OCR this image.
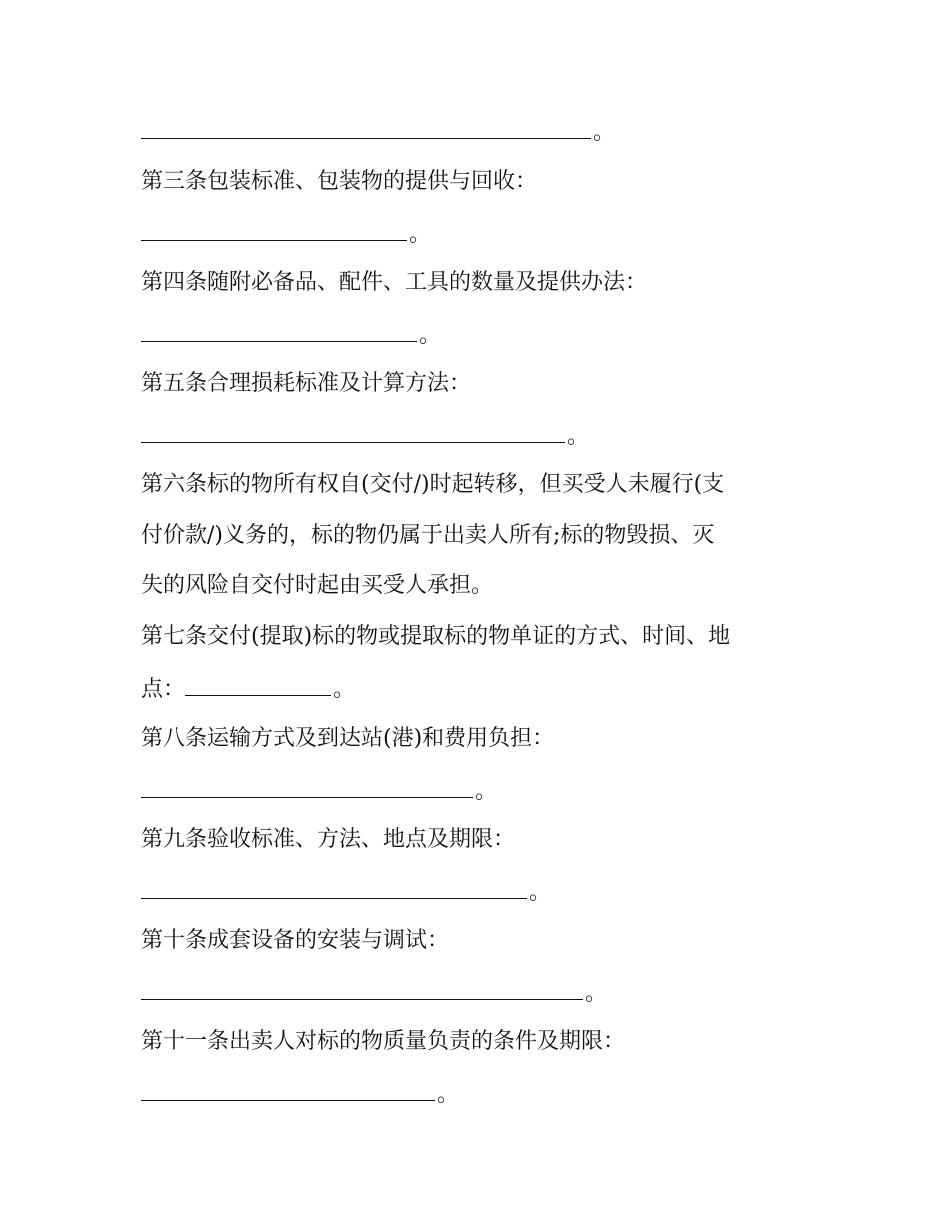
。
第三条包装标准、包装物的提供与回收：
。
第四条随附必备品、配件、工具的数量及提供办法：
。
第五条合理损耗标准及计算方法：
。
第六条标的物所有权自(交付/)时起转移，但买受人未履行(支
付价款/)义务的，标的物仍属于出卖人所有;标的物毁损、灭
失的风险自交付时起由买受人承担。
第七条交付(提取)标的物或提取标的物单证的方式、时间、地
点：	。
第八条运输方式及到达站(港)和费用负担：
。
第九条验收标准、方法、地点及期限：
。
第十条成套设备的安装与调试：
。
第十一条出卖人对标的物质量负责的条件及期限：
。
